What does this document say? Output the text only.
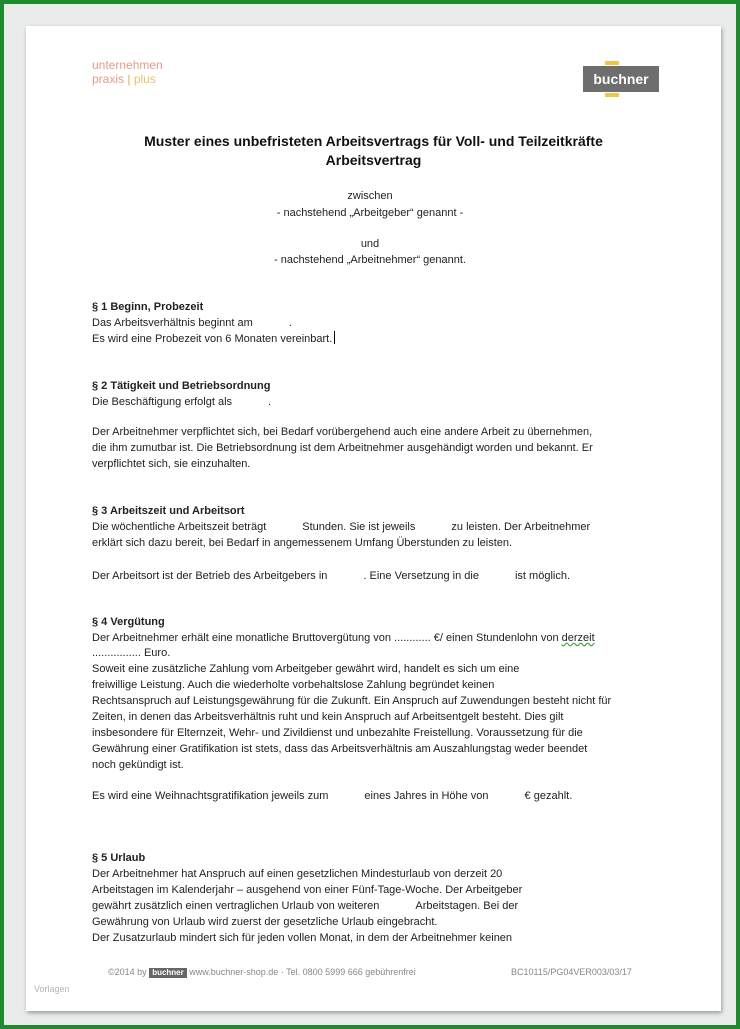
unternehmen
praxis | plus	buchner
Muster eines unbefristeten Arbeitsvertrags für Voll- und Teilzeitkräfte
Arbeitsvertrag
zwischen
- nachstehend „Arbeitgeber“ genannt -
und
- nachstehend „Arbeitnehmer“ genannt.
§ 1 Beginn, Probezeit
Das Arbeitsverhältnis beginnt am	.
Es wird eine Probezeit von 6 Monaten vereinbart.
§ 2 Tätigkeit und Betriebsordnung
Die Beschäftigung erfolgt als	.
Der Arbeitnehmer verpflichtet sich, bei Bedarf vorübergehend auch eine andere Arbeit zu übernehmen,
die ihm zumutbar ist. Die Betriebsordnung ist dem Arbeitnehmer ausgehändigt worden und bekannt. Er
verpflichtet sich, sie einzuhalten.
§ 3 Arbeitszeit und Arbeitsort
Die wöchentliche Arbeitszeit beträgt	Stunden. Sie ist jeweils	zu leisten. Der Arbeitnehmer
erklärt sich dazu bereit, bei Bedarf in angemessenem Umfang Überstunden zu leisten.
Der Arbeitsort ist der Betrieb des Arbeitgebers in	. Eine Versetzung in die	ist möglich.
§ 4 Vergütung
Der Arbeitnehmer erhält eine monatliche Bruttovergütung von ............ €/ einen Stundenlohn von derzeit
................ Euro.
Soweit eine zusätzliche Zahlung vom Arbeitgeber gewährt wird, handelt es sich um eine
freiwillige Leistung. Auch die wiederholte vorbehaltslose Zahlung begründet keinen
Rechtsanspruch auf Leistungsgewährung für die Zukunft. Ein Anspruch auf Zuwendungen besteht nicht für
Zeiten, in denen das Arbeitsverhältnis ruht und kein Anspruch auf Arbeitsentgelt besteht. Dies gilt
insbesondere für Elternzeit, Wehr- und Zivildienst und unbezahlte Freistellung. Voraussetzung für die
Gewährung einer Gratifikation ist stets, dass das Arbeitsverhältnis am Auszahlungstag weder beendet
noch gekündigt ist.
Es wird eine Weihnachtsgratifikation jeweils zum	eines Jahres in Höhe von	€ gezahlt.
§ 5 Urlaub
Der Arbeitnehmer hat Anspruch auf einen gesetzlichen Mindesturlaub von derzeit 20
Arbeitstagen im Kalenderjahr – ausgehend von einer Fünf-Tage-Woche. Der Arbeitgeber
gewährt zusätzlich einen vertraglichen Urlaub von weiteren	Arbeitstagen. Bei der
Gewährung von Urlaub wird zuerst der gesetzliche Urlaub eingebracht.
Der Zusatzurlaub mindert sich für jeden vollen Monat, in dem der Arbeitnehmer keinen
©2014 by buchner www.buchner-shop.de · Tel. 0800 5999 666 gebührenfrei	BC10115/PG04VER003/03/17
Vorlagen
